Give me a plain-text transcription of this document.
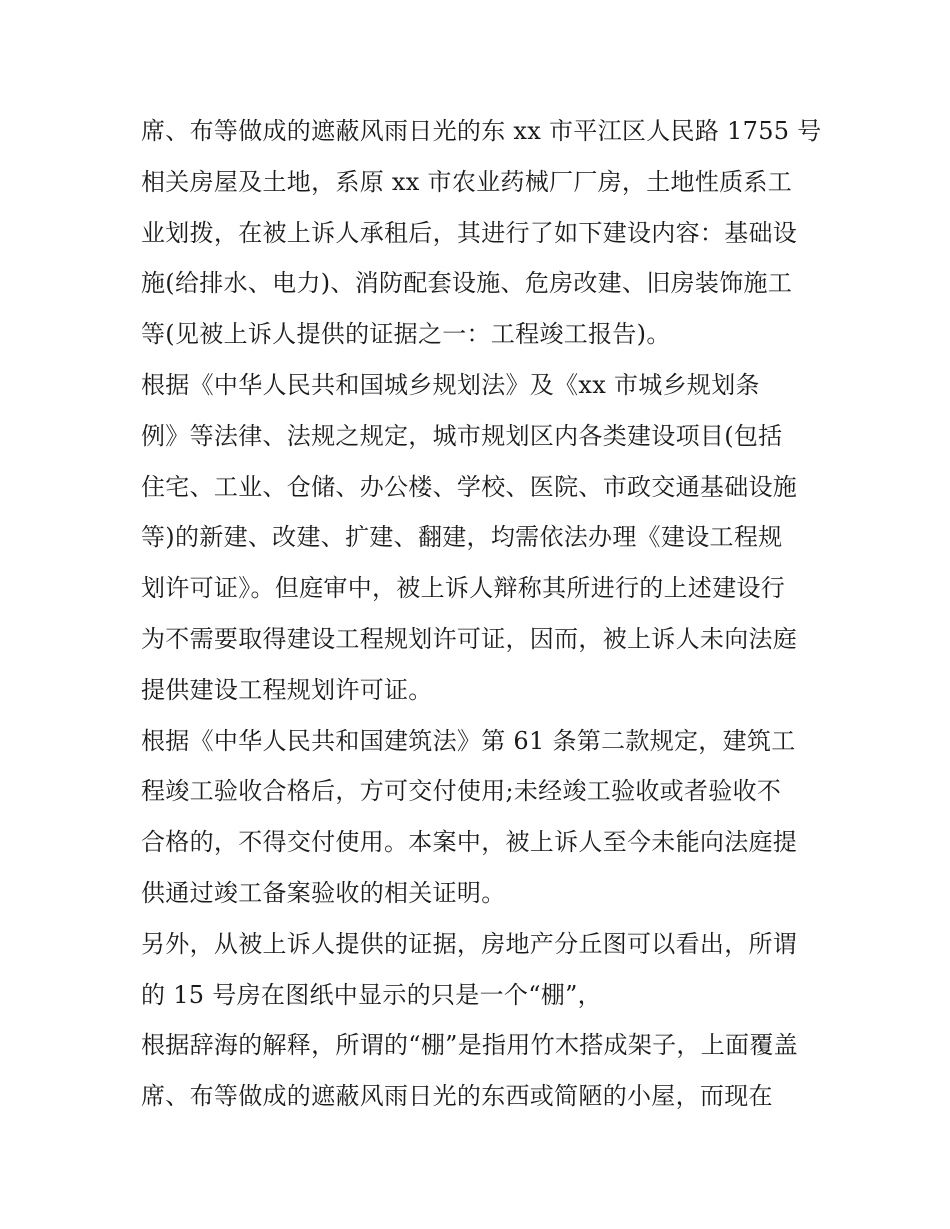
席、布等做成的遮蔽风雨日光的东 xx 市平江区人民路 1755 号

相关房屋及土地，系原 xx 市农业药械厂厂房，土地性质系工

业划拨，在被上诉人承租后，其进行了如下建设内容：基础设

施(给排水、电力)、消防配套设施、危房改建、旧房装饰施工

等(见被上诉人提供的证据之一：工程竣工报告)。

根据《中华人民共和国城乡规划法》及《xx 市城乡规划条

例》等法律、法规之规定，城市规划区内各类建设项目(包括

住宅、工业、仓储、办公楼、学校、医院、市政交通基础设施

等)的新建、改建、扩建、翻建，均需依法办理《建设工程规

划许可证》。但庭审中，被上诉人辩称其所进行的上述建设行

为不需要取得建设工程规划许可证，因而，被上诉人未向法庭

提供建设工程规划许可证。

根据《中华人民共和国建筑法》第 61 条第二款规定，建筑工

程竣工验收合格后，方可交付使用;未经竣工验收或者验收不

合格的，不得交付使用。本案中，被上诉人至今未能向法庭提

供通过竣工备案验收的相关证明。

另外，从被上诉人提供的证据，房地产分丘图可以看出，所谓

的 15 号房在图纸中显示的只是一个“棚”，

根据辞海的解释，所谓的“棚”是指用竹木搭成架子，上面覆盖

席、布等做成的遮蔽风雨日光的东西或简陋的小屋，而现在
